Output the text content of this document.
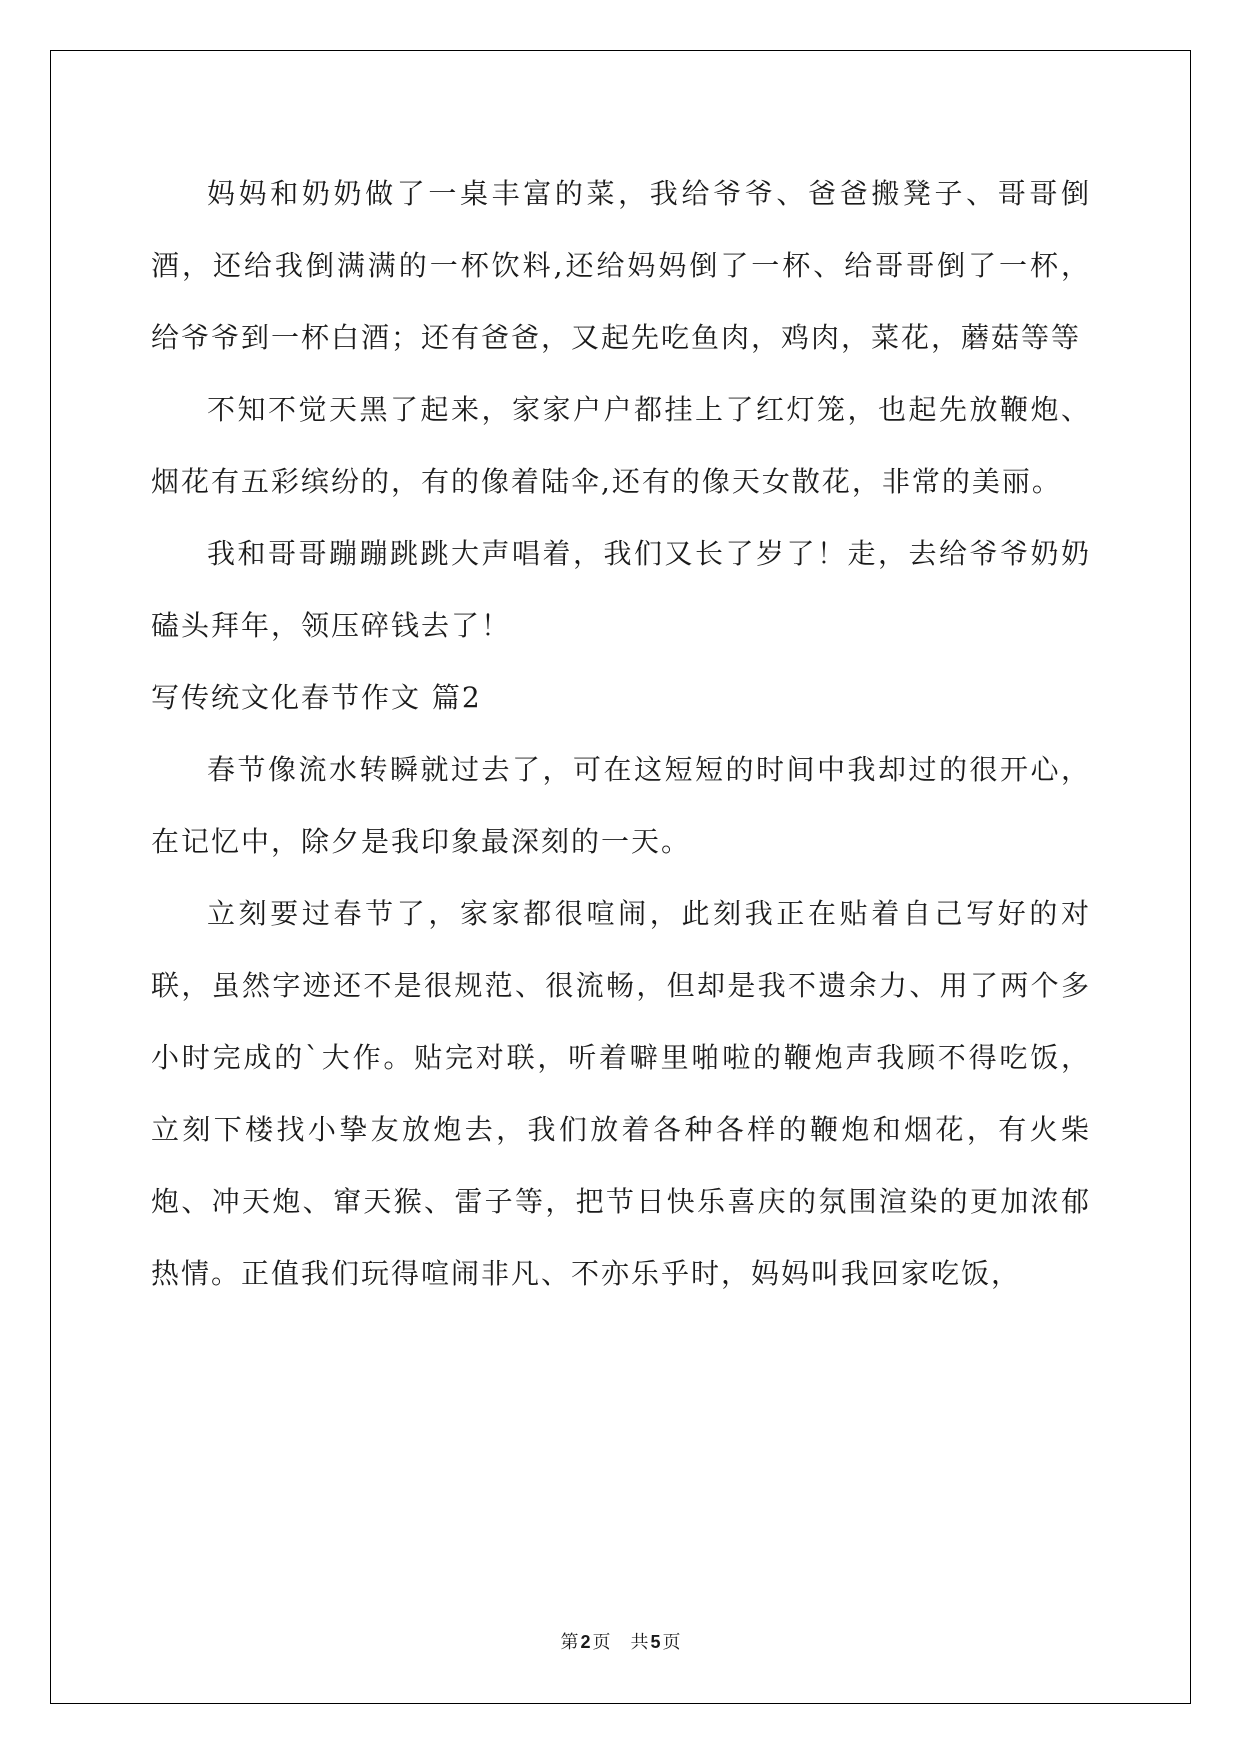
妈妈和奶奶做了一桌丰富的菜，我给爷爷、爸爸搬凳子、哥哥倒酒，还给我倒满满的一杯饮料,还给妈妈倒了一杯、给哥哥倒了一杯，给爷爷到一杯白酒；还有爸爸，又起先吃鱼肉，鸡肉，菜花，蘑菇等等

不知不觉天黑了起来，家家户户都挂上了红灯笼，也起先放鞭炮、烟花有五彩缤纷的，有的像着陆伞,还有的像天女散花，非常的美丽。

我和哥哥蹦蹦跳跳大声唱着，我们又长了岁了！走，去给爷爷奶奶磕头拜年，领压碎钱去了！

写传统文化春节作文 篇2

春节像流水转瞬就过去了，可在这短短的时间中我却过的很开心，在记忆中，除夕是我印象最深刻的一天。

立刻要过春节了，家家都很喧闹，此刻我正在贴着自己写好的对联，虽然字迹还不是很规范、很流畅，但却是我不遗余力、用了两个多小时完成的`大作。贴完对联，听着噼里啪啦的鞭炮声我顾不得吃饭，立刻下楼找小挚友放炮去，我们放着各种各样的鞭炮和烟花，有火柴炮、冲天炮、窜天猴、雷子等，把节日快乐喜庆的氛围渲染的更加浓郁热情。正值我们玩得喧闹非凡、不亦乐乎时，妈妈叫我回家吃饭，

第 2 页 共 5 页
